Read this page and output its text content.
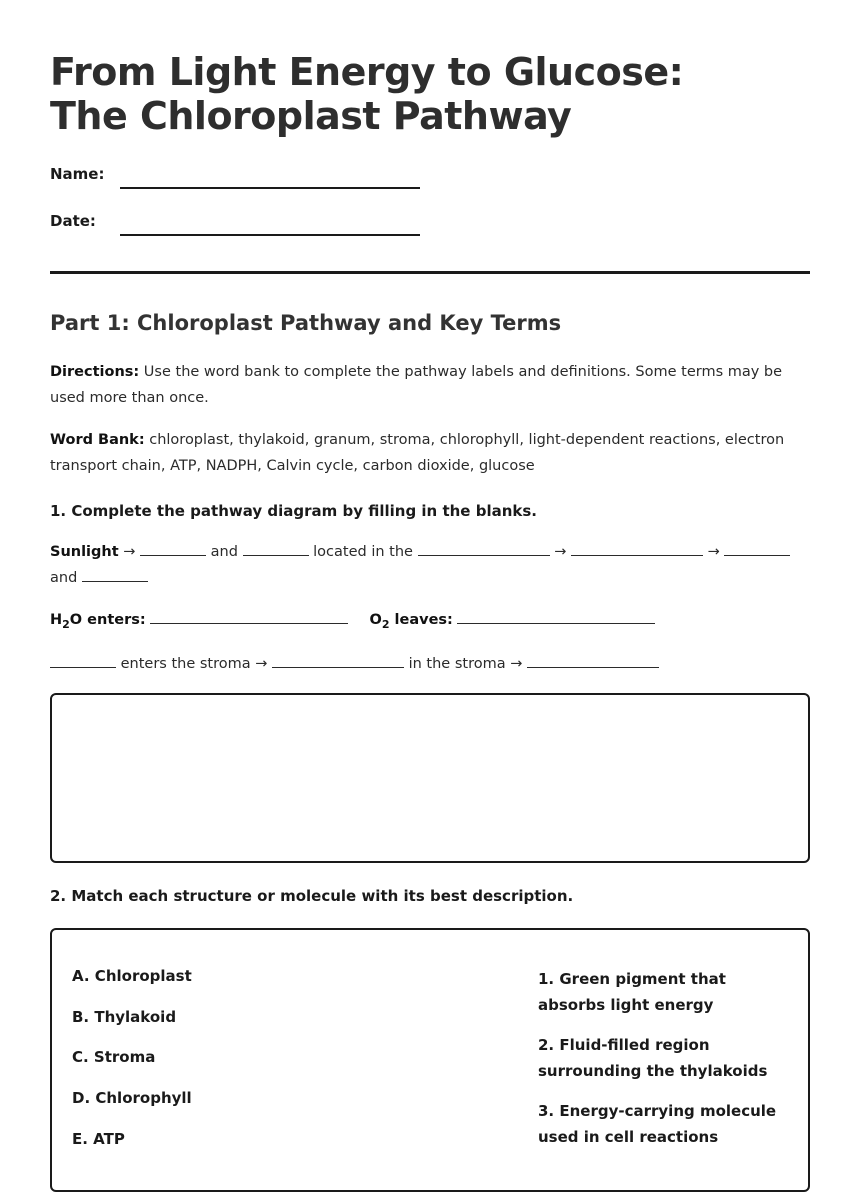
From Light Energy to Glucose: The Chloroplast Pathway
Name:
Date:
Part 1: Chloroplast Pathway and Key Terms

Directions: Use the word bank to complete the pathway labels and definitions. Some terms may be used more than once.

Word Bank: chloroplast, thylakoid, granum, stroma, chlorophyll, light-dependent reactions, electron transport chain, ATP, NADPH, Calvin cycle, carbon dioxide, glucose

1. Complete the pathway diagram by filling in the blanks.

Sunlight →	and	located in the	→	→
and
$H_2O$ enters:	$O_2$ leaves:
enters the stroma →	in the stroma →

2. Match each structure or molecule with its best description.

A. Chloroplast

B. Thylakoid

C. Stroma

D. Chlorophyll

E. ATP

1. Green pigment that absorbs light energy

2. Fluid-filled region surrounding the thylakoids

3. Energy-carrying molecule used in cell reactions
